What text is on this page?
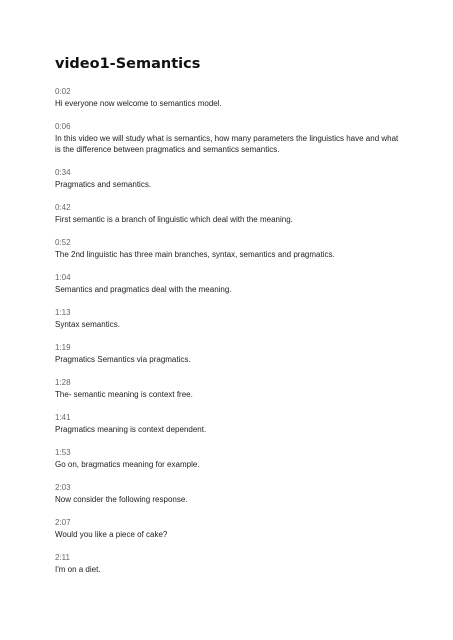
video1-Semantics
0:02
Hi everyone now welcome to semantics model.
0:06
In this video we will study what is semantics, how many parameters the linguistics have and what is the difference between pragmatics and semantics semantics.
0:34
Pragmatics and semantics.
0:42
First semantic is a branch of linguistic which deal with the meaning.
0:52
The 2nd linguistic has three main branches, syntax, semantics and pragmatics.
1:04
Semantics and pragmatics deal with the meaning.
1:13
Syntax semantics.
1:19
Pragmatics Semantics via pragmatics.
1:28
The- semantic meaning is context free.
1:41
Pragmatics meaning is context dependent.
1:53
Go on, bragmatics meaning for example.
2:03
Now consider the following response.
2:07
Would you like a piece of cake?
2:11
I'm on a diet.
